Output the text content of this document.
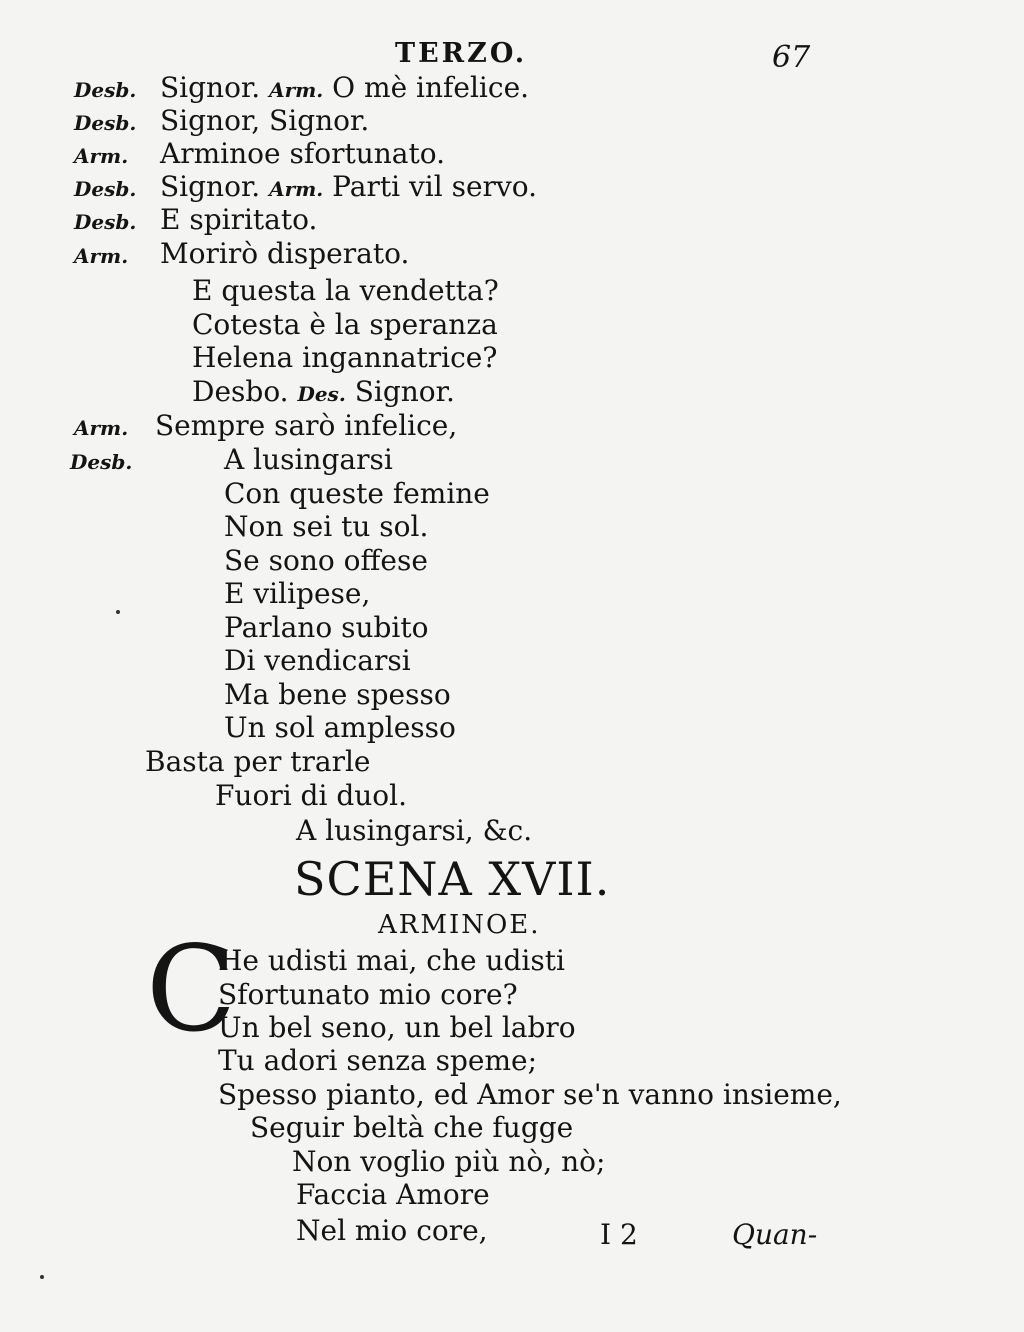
TERZO.	67
Desb. Signor. Arm. O mè infelice.
Desb. Signor, Signor.
Arm. Arminoe sfortunato.
Desb. Signor. Arm. Parti vil servo.
Desb. E spiritato.
Arm. Morirò disperato.
E questa la vendetta?
Cotesta è la speranza
Helena ingannatrice?
Desbo. Des. Signor.
Arm. Sempre sarò infelice,
Desb.	A lusingarsi
Con queste femine
Non sei tu sol.
Se sono offese
E vilipese,
Parlano subito
Di vendicarsi
Ma bene spesso
Un sol amplesso
Basta per trarle
Fuori di duol.
A lusingarsi, &c.
SCENA XVII.
ARMINOE.
C
He udisti mai, che udisti
Sfortunato mio core?
Un bel seno, un bel labro
Tu adori senza speme;
Spesso pianto, ed Amor se'n vanno insieme,
Seguir beltà che fugge
Non voglio più nò, nò;
Faccia Amore
Nel mio core,	I 2	Quan-
